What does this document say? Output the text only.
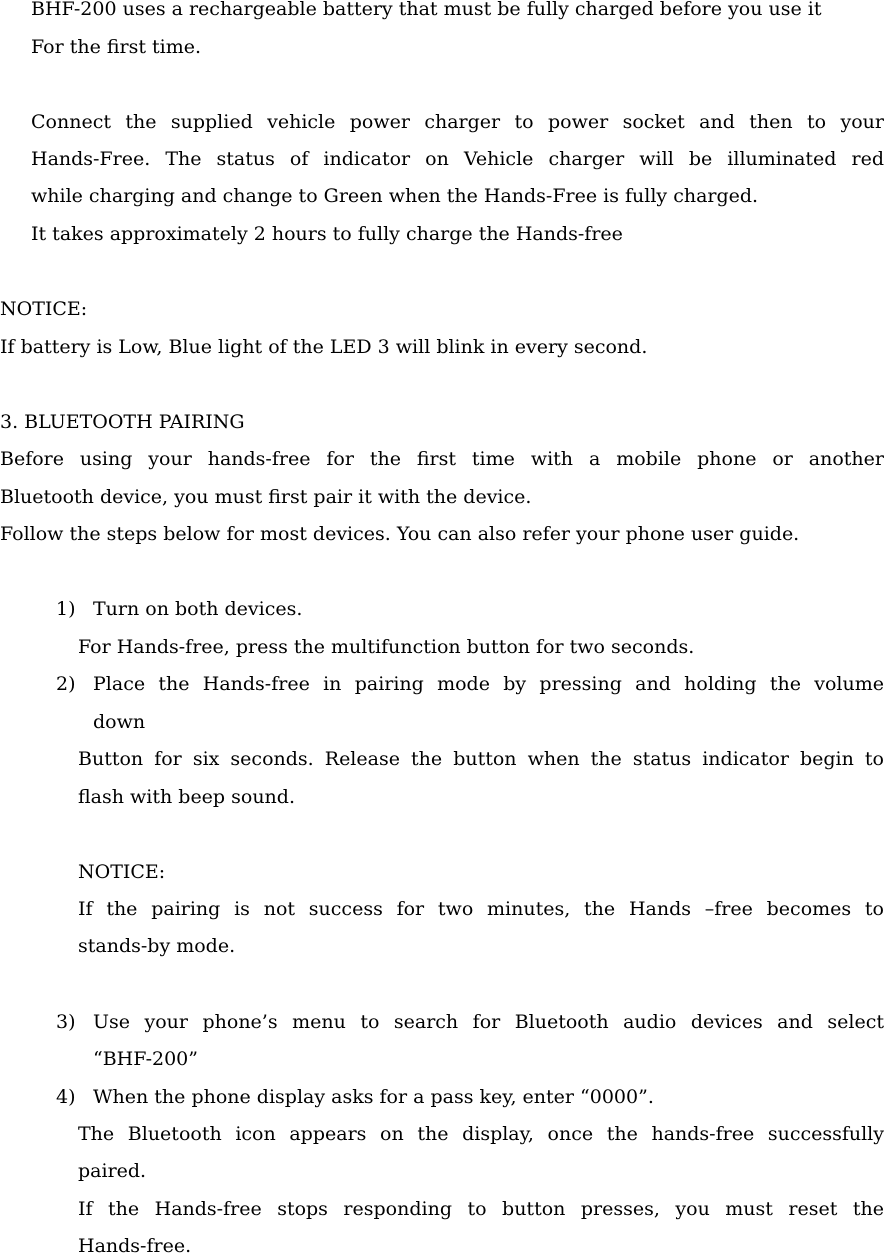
BHF-200 uses a rechargeable battery that must be fully charged before you use it
For the first time.
Connect the supplied vehicle power charger to power socket and then to your
Hands-Free. The status of indicator on Vehicle charger will be illuminated red
while charging and change to Green when the Hands-Free is fully charged.
It takes approximately 2 hours to fully charge the Hands-free
NOTICE:
If battery is Low, Blue light of the LED 3 will blink in every second.
3. BLUETOOTH PAIRING
Before using your hands-free for the first time with a mobile phone or another
Bluetooth device, you must first pair it with the device.
Follow the steps below for most devices. You can also refer your phone user guide.
1) Turn on both devices.
For Hands-free, press the multifunction button for two seconds.
2) Place the Hands-free in pairing mode by pressing and holding the volume
down
Button for six seconds. Release the button when the status indicator begin to
flash with beep sound.
NOTICE:
If the pairing is not success for two minutes, the Hands –free becomes to
stands-by mode.
3) Use your phone’s menu to search for Bluetooth audio devices and select
“BHF-200”
4) When the phone display asks for a pass key, enter “0000”.
The Bluetooth icon appears on the display, once the hands-free successfully
paired.
If the Hands-free stops responding to button presses, you must reset the
Hands-free.
